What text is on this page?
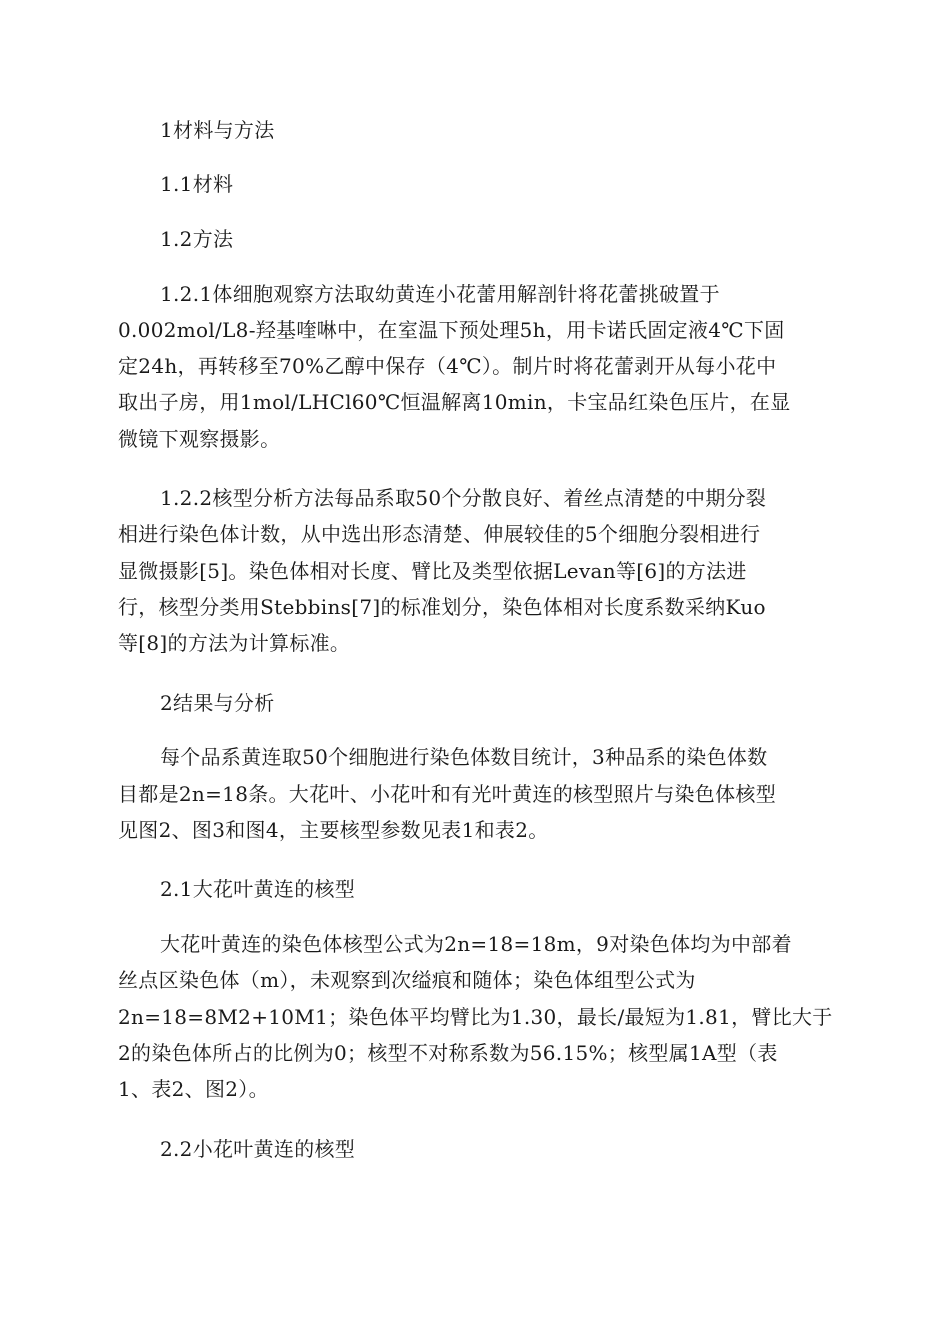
1材料与方法
1.1材料
1.2方法
1.2.1体细胞观察方法取幼黄连小花蕾用解剖针将花蕾挑破置于
0.002mol/L8-羟基喹啉中，在室温下预处理5h，用卡诺氏固定液4℃下固
定24h，再转移至70%乙醇中保存（4℃）。制片时将花蕾剥开从每小花中
取出子房，用1mol/LHCl60℃恒温解离10min，卡宝品红染色压片，在显
微镜下观察摄影。
1.2.2核型分析方法每品系取50个分散良好、着丝点清楚的中期分裂
相进行染色体计数，从中选出形态清楚、伸展较佳的5个细胞分裂相进行
显微摄影[5]。染色体相对长度、臂比及类型依据Levan等[6]的方法进
行，核型分类用Stebbins[7]的标准划分，染色体相对长度系数采纳Kuo
等[8]的方法为计算标准。
2结果与分析
每个品系黄连取50个细胞进行染色体数目统计，3种品系的染色体数
目都是2n=18条。大花叶、小花叶和有光叶黄连的核型照片与染色体核型
见图2、图3和图4，主要核型参数见表1和表2。
2.1大花叶黄连的核型
大花叶黄连的染色体核型公式为2n=18=18m，9对染色体均为中部着
丝点区染色体（m），未观察到次缢痕和随体；染色体组型公式为
2n=18=8M2+10M1；染色体平均臂比为1.30，最长/最短为1.81，臂比大于
2的染色体所占的比例为0；核型不对称系数为56.15%；核型属1A型（表
1、表2、图2）。
2.2小花叶黄连的核型
